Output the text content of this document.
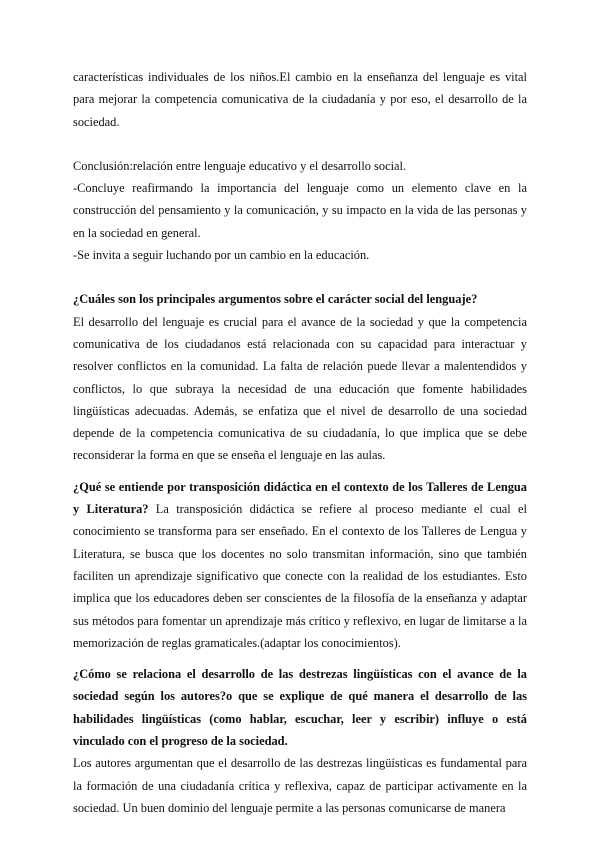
características individuales de los niños.El cambio en la enseñanza del lenguaje es vital para mejorar la competencia comunicativa de la ciudadanía y por eso, el desarrollo de la sociedad.

Conclusión:relación entre lenguaje educativo y el desarrollo social.

-Concluye reafirmando la importancia del lenguaje como un elemento clave en la construcción del pensamiento y la comunicación, y su impacto en la vida de las personas y en la sociedad en general.

-Se invita a seguir luchando por un cambio en la educación.

¿Cuáles son los principales argumentos sobre el carácter social del lenguaje?

El desarrollo del lenguaje es crucial para el avance de la sociedad y que la competencia comunicativa de los ciudadanos está relacionada con su capacidad para interactuar y resolver conflictos en la comunidad. La falta de relación puede llevar a malentendidos y conflictos, lo que subraya la necesidad de una educación que fomente habilidades lingüísticas adecuadas. Además, se enfatiza que el nivel de desarrollo de una sociedad depende de la competencia comunicativa de su ciudadanía, lo que implica que se debe reconsiderar la forma en que se enseña el lenguaje en las aulas.

¿Qué se entiende por transposición didáctica en el contexto de los Talleres de Lengua y Literatura? La transposición didáctica se refiere al proceso mediante el cual el conocimiento se transforma para ser enseñado. En el contexto de los Talleres de Lengua y Literatura, se busca que los docentes no solo transmitan información, sino que también faciliten un aprendizaje significativo que conecte con la realidad de los estudiantes. Esto implica que los educadores deben ser conscientes de la filosofía de la enseñanza y adaptar sus métodos para fomentar un aprendizaje más crítico y reflexivo, en lugar de limitarse a la memorización de reglas gramaticales.(adaptar los conocimientos).

¿Cómo se relaciona el desarrollo de las destrezas lingüísticas con el avance de la sociedad según los autores?o que se explique de qué manera el desarrollo de las habilidades lingüísticas (como hablar, escuchar, leer y escribir) influye o está vinculado con el progreso de la sociedad.

Los autores argumentan que el desarrollo de las destrezas lingüísticas es fundamental para la formación de una ciudadanía crítica y reflexiva, capaz de participar activamente en la sociedad. Un buen dominio del lenguaje permite a las personas comunicarse de manera
